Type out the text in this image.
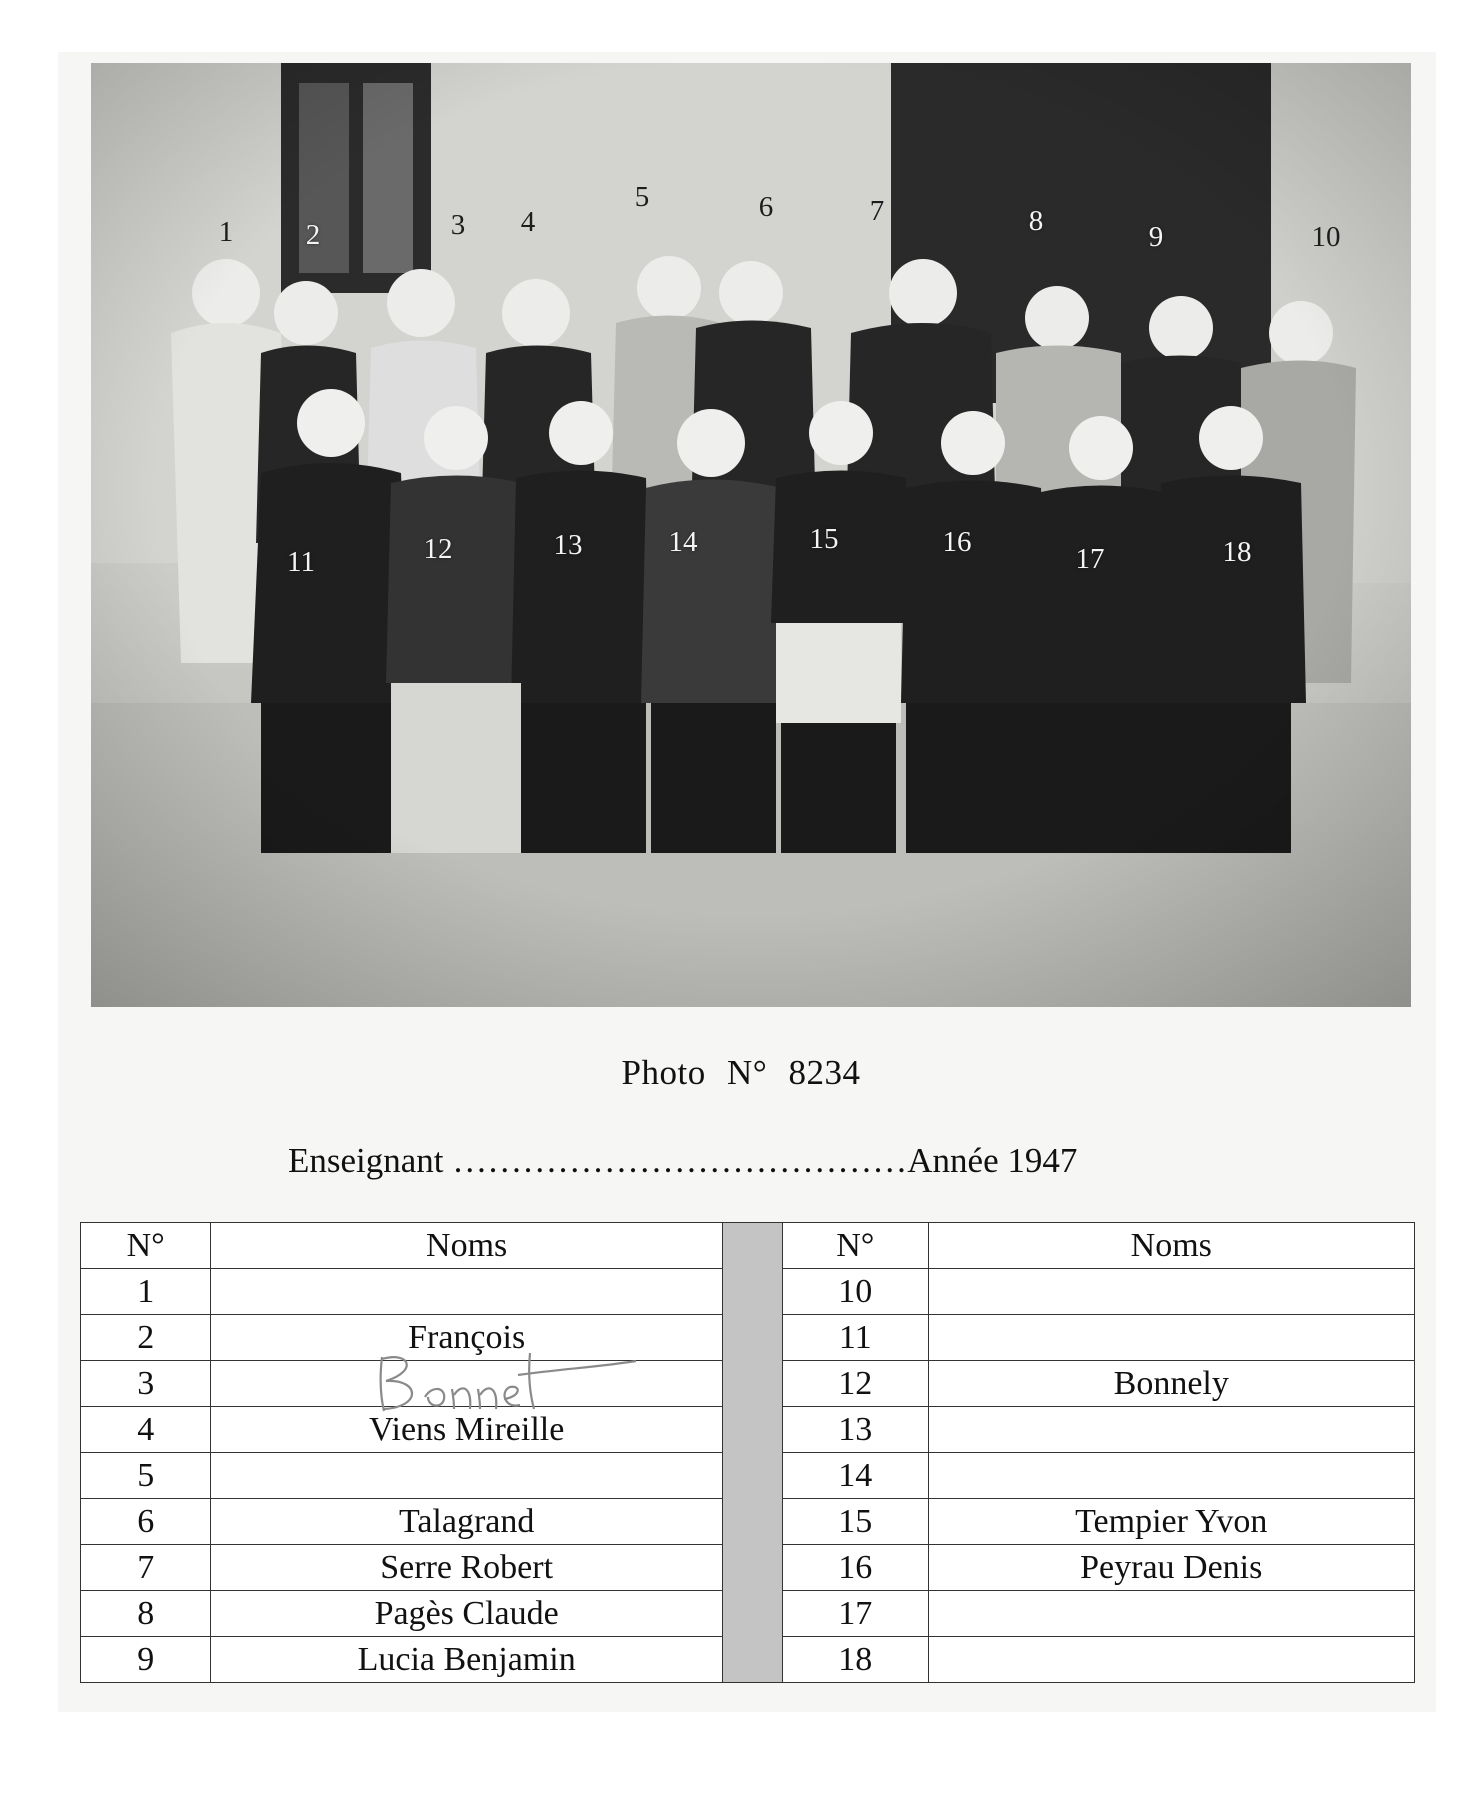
1	2	3 4
5	6	7	8	9	10
11	12	13	14	15	16
17	18
Photo N° 8234
Enseignant …………………………………Année 1947
N°	Noms		N°	Noms
1			10	
2	François		11	
3			12	Bonnely
4	Viens Mireille		13	
5			14	
6	Talagrand		15	Tempier Yvon
7	Serre Robert		16	Peyrau Denis
8	Pagès Claude		17	
9	Lucia Benjamin		18	
